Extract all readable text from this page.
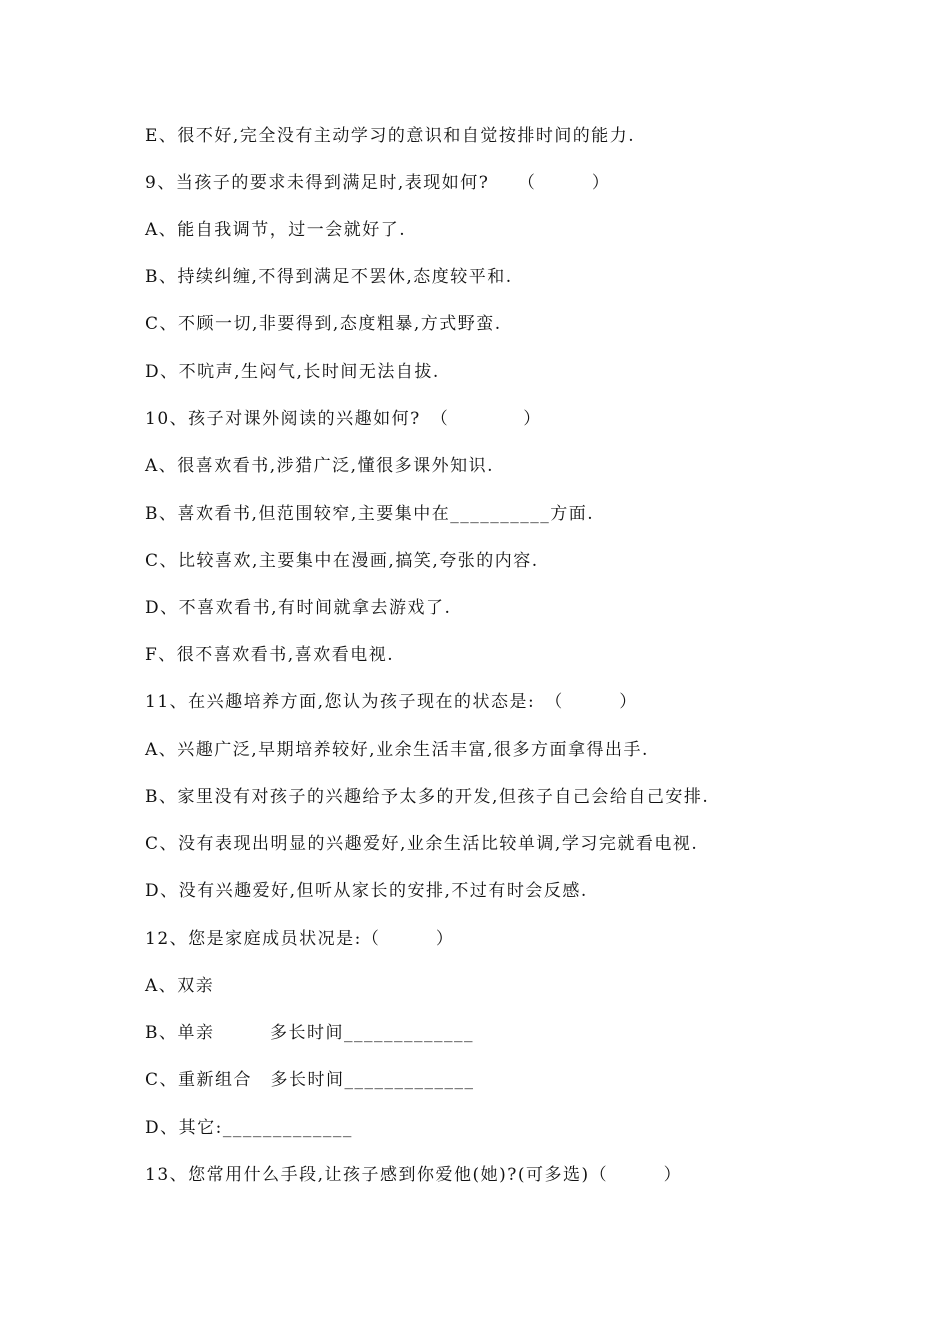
E、很不好,完全没有主动学习的意识和自觉按排时间的能力.
9、当孩子的要求未得到满足时,表现如何?　　（　　　）
A、能自我调节，过一会就好了.
B、持续纠缠,不得到满足不罢休,态度较平和.
C、不顾一切,非要得到,态度粗暴,方式野蛮.
D、不吭声,生闷气,长时间无法自拔.
10、孩子对课外阅读的兴趣如何?　（　　　　）
A、很喜欢看书,涉猎广泛,懂很多课外知识.
B、喜欢看书,但范围较窄,主要集中在__________方面.
C、比较喜欢,主要集中在漫画,搞笑,夸张的内容.
D、不喜欢看书,有时间就拿去游戏了.
F、很不喜欢看书,喜欢看电视.
11、在兴趣培养方面,您认为孩子现在的状态是:　（　　　）
A、兴趣广泛,早期培养较好,业余生活丰富,很多方面拿得出手.
B、家里没有对孩子的兴趣给予太多的开发,但孩子自己会给自己安排.
C、没有表现出明显的兴趣爱好,业余生活比较单调,学习完就看电视.
D、没有兴趣爱好,但听从家长的安排,不过有时会反感.
12、您是家庭成员状况是:（　　　）
A、双亲
B、单亲　　　多长时间_____________
C、重新组合　多长时间_____________
D、其它:_____________
13、您常用什么手段,让孩子感到你爱他(她)?(可多选)（　　　）
